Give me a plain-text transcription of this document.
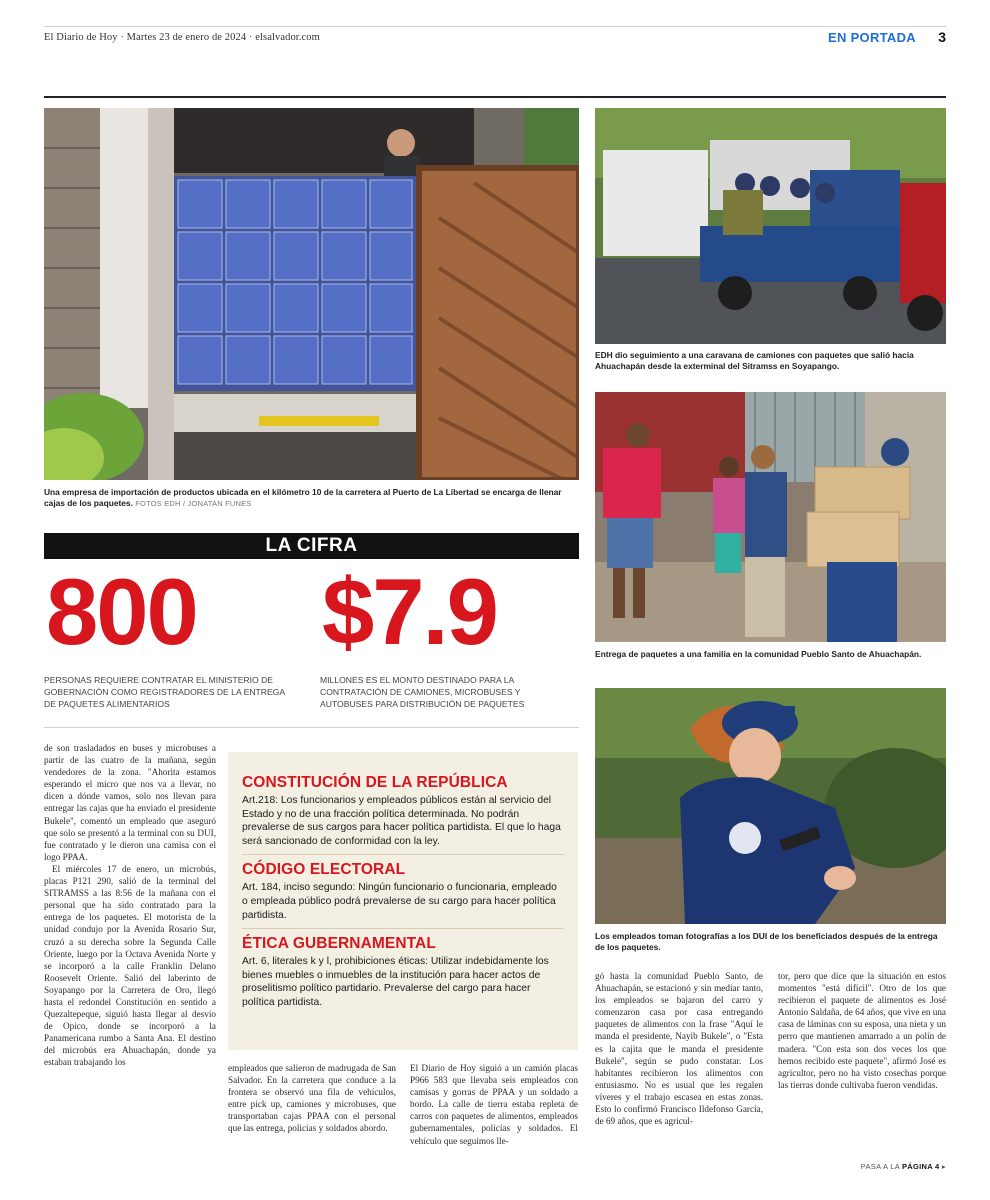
El Diario de Hoy · Martes 23 de enero de 2024 · elsalvador.com	EN PORTADA 3
Una empresa de importación de productos ubicada en el kilómetro 10 de la carretera al Puerto de La Libertad se encarga de llenar cajas de los paquetes. FOTOS EDH / JONATAN FUNES
EDH dio seguimiento a una caravana de camiones con paquetes que salió hacia Ahuachapán desde la exterminal del Sitramss en Soyapango.
Entrega de paquetes a una familia en la comunidad Pueblo Santo de Ahuachapán.
Los empleados toman fotografías a los DUI de los beneficiados después de la entrega de los paquetes.
LA CIFRA
800 $7.9
PERSONAS REQUIERE CONTRATAR EL MINISTERIO DE GOBERNACIÓN COMO REGISTRADORES DE LA ENTREGA DE PAQUETES ALIMENTARIOS
MILLONES ES EL MONTO DESTINADO PARA LA CONTRATACIÓN DE CAMIONES, MICROBUSES Y AUTOBUSES PARA DISTRIBUCIÓN DE PAQUETES

de son trasladados en buses y microbuses a partir de las cuatro de la mañana, según vendedores de la zona. "Ahorita estamos esperando el micro que nos va a llevar, no dicen a dónde vamos, solo nos llevan para entregar las cajas que ha enviado el presidente Bukele", comentó un empleado que aseguró que solo se presentó a la terminal con su DUI, fue contratado y le dieron una camisa con el logo PPAA.

El miércoles 17 de enero, un microbús, placas P121 290, salió de la terminal del SITRAMSS a las 8:56 de la mañana con el personal que ha sido contratado para la entrega de los paquetes. El motorista de la unidad condujo por la Avenida Rosario Sur, cruzó a su derecha sobre la Segunda Calle Oriente, luego por la Octava Avenida Norte y se incorporó a la calle Franklin Delano Roosevelt Oriente. Salió del laberinto de Soyapango por la Carretera de Oro, llegó hasta el redondel Constitución en sentido a Quezaltepeque, siguió hasta llegar al desvío de Opico, donde se incorporó a la Panamericana rumbo a Santa Ana. El destino del microbús era Ahuachapán, donde ya estaban trabajando los

CONSTITUCIÓN DE LA REPÚBLICA
Art.218: Los funcionarios y empleados públicos están al servicio del Estado y no de una fracción política determinada. No podrán prevalerse de sus cargos para hacer política partidista. El que lo haga será sancionado de conformidad con la ley.
CÓDIGO ELECTORAL
Art. 184, inciso segundo: Ningún funcionario o funcionaria, empleado o empleada público podrá prevalerse de su cargo para hacer política partidista.
ÉTICA GUBERNAMENTAL
Art. 6, literales k y l, prohibiciones éticas: Utilizar indebidamente los bienes muebles o inmuebles de la institución para hacer actos de proselitismo político partidario. Prevalerse del cargo para hacer política partidista.

empleados que salieron de madrugada de San Salvador. En la carretera que conduce a la frontera se observó una fila de vehículos, entre pick up, camiones y microbuses, que transportaban cajas PPAA con el personal que las entrega, policías y soldados abordo.

El Diario de Hoy siguió a un camión placas P966 583 que llevaba seis empleados con camisas y gorras de PPAA y un soldado a bordo. La calle de tierra estaba repleta de carros con paquetes de alimentos, empleados gubernamentales, policías y soldados. El vehículo que seguimos lle-

gó hasta la comunidad Pueblo Santo, de Ahuachapán, se estacionó y sin mediar tanto, los empleados se bajaron del carro y comenzaron casa por casa entregando paquetes de alimentos con la frase "Aquí le manda el presidente, Nayib Bukele", o "Esta es la cajita que le manda el presidente Bukele", según se pudo constatar. Los habitantes recibieron los alimentos con entusiasmo. No es usual que les regalen víveres y el trabajo escasea en estas zonas. Esto lo confirmó Francisco Ildefonso García, de 69 años, que es agricul-

tor, pero que dice que la situación en estos momentos "está difícil". Otro de los que recibieron el paquete de alimentos es José Antonio Saldaña, de 64 años, que vive en una casa de láminas con su esposa, una nieta y un perro que mantienen amarrado a un polín de madera. "Con esta son dos veces los que hemos recibido este paquete", afirmó José es agricultor, pero no ha visto cosechas porque las tierras donde cultivaba fueron vendidas.

PASA A LA PÁGINA 4 ▸
